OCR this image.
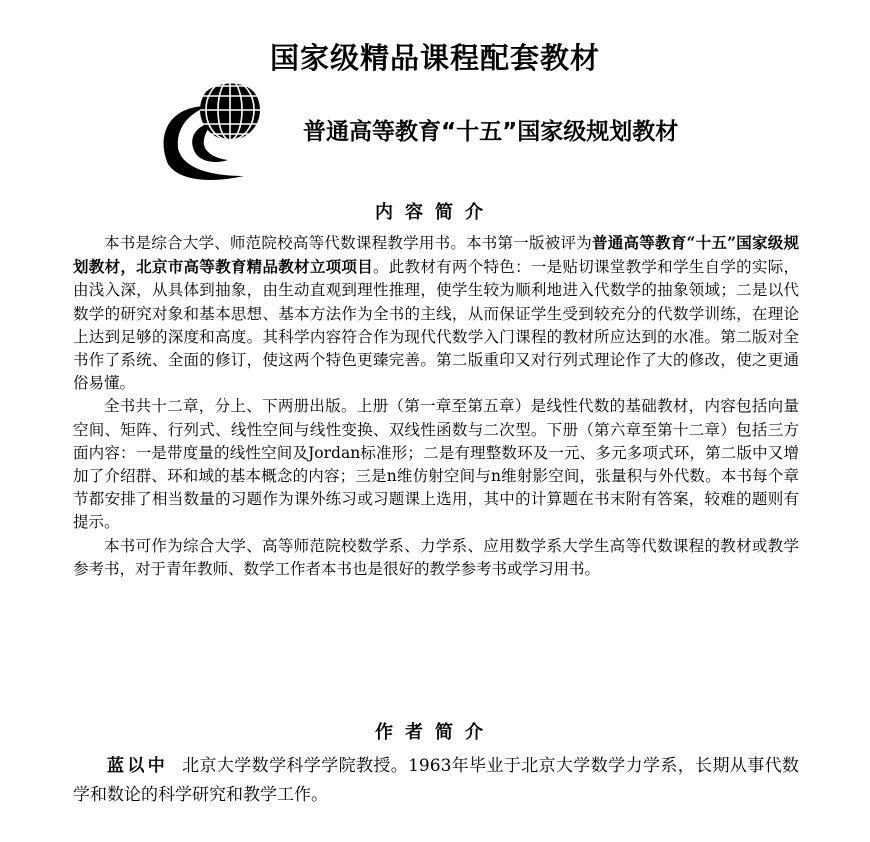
国家级精品课程配套教材
普通高等教育“十五”国家级规划教材
内容简介

本书是综合大学、师范院校高等代数课程教学用书。本书第一版被评为普通高等教育“十五”国家级规划教材，北京市高等教育精品教材立项项目。此教材有两个特色：一是贴切课堂教学和学生自学的实际，由浅入深，从具体到抽象，由生动直观到理性推理，使学生较为顺利地进入代数学的抽象领域；二是以代数学的研究对象和基本思想、基本方法作为全书的主线，从而保证学生受到较充分的代数学训练，在理论上达到足够的深度和高度。其科学内容符合作为现代代数学入门课程的教材所应达到的水准。第二版对全书作了系统、全面的修订，使这两个特色更臻完善。第二版重印又对行列式理论作了大的修改，使之更通俗易懂。

全书共十二章，分上、下两册出版。上册（第一章至第五章）是线性代数的基础教材，内容包括向量空间、矩阵、行列式、线性空间与线性变换、双线性函数与二次型。下册（第六章至第十二章）包括三方面内容：一是带度量的线性空间及Jordan标准形；二是有理整数环及一元、多元多项式环，第二版中又增加了介绍群、环和域的基本概念的内容；三是n维仿射空间与n维射影空间，张量积与外代数。本书每个章节都安排了相当数量的习题作为课外练习或习题课上选用，其中的计算题在书末附有答案，较难的题则有提示。

本书可作为综合大学、高等师范院校数学系、力学系、应用数学系大学生高等代数课程的教材或教学参考书，对于青年教师、数学工作者本书也是很好的教学参考书或学习用书。

作者简介

蓝以中 北京大学数学科学学院教授。1963年毕业于北京大学数学力学系，长期从事代数学和数论的科学研究和教学工作。
